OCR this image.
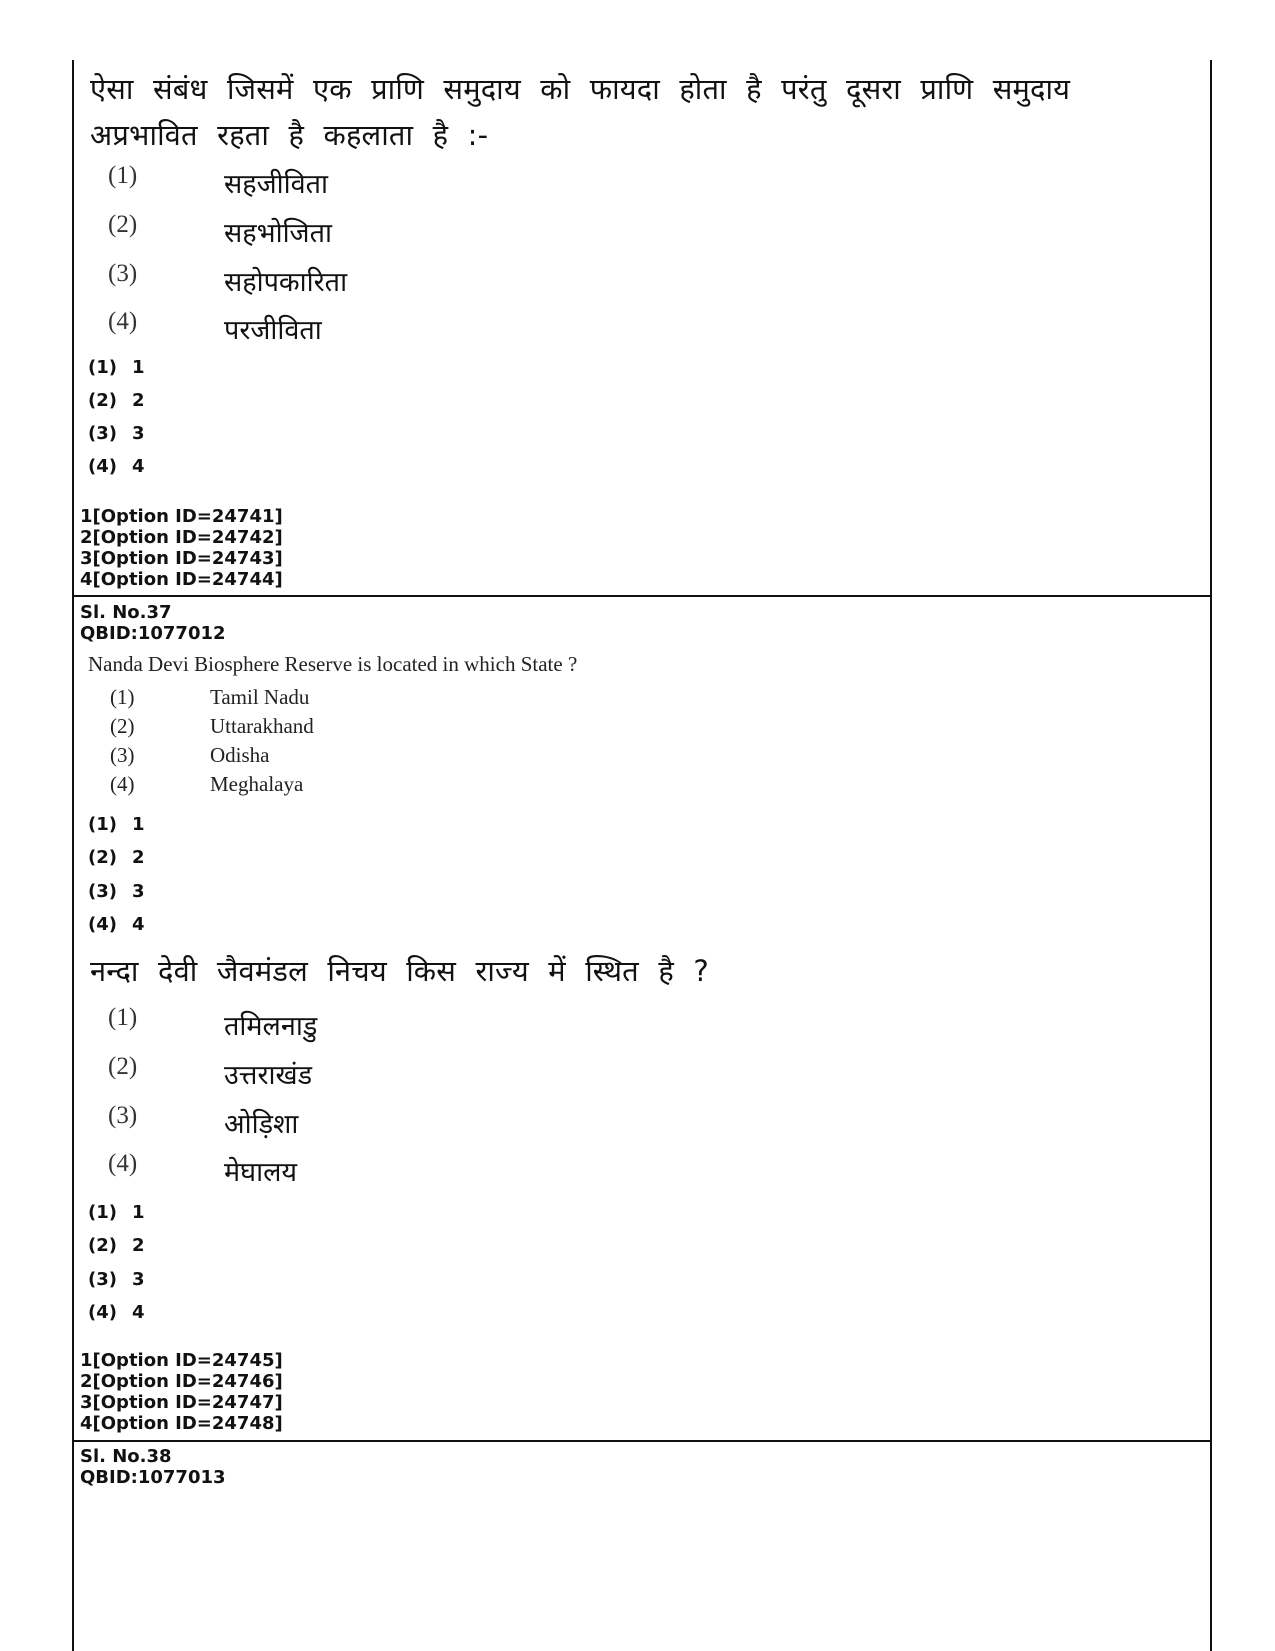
ऐसा संबंध जिसमें एक प्राणि समुदाय को फायदा होता है परंतु दूसरा प्राणि समुदाय अप्रभावित रहता है कहलाता है :-
(1)	सहजीविता
(2)	सहभोजिता
(3)	सहोपकारिता
(4)	परजीविता
(1) 1
(2) 2
(3) 3
(4) 4
1[Option ID=24741]
2[Option ID=24742]
3[Option ID=24743]
4[Option ID=24744]
Sl. No.37
QBID:1077012
Nanda Devi Biosphere Reserve is located in which State ?
(1)	Tamil Nadu
(2)	Uttarakhand
(3)	Odisha
(4)	Meghalaya
(1) 1
(2) 2
(3) 3
(4) 4
नन्दा देवी जैवमंडल निचय किस राज्य में स्थित है ?
(1)	तमिलनाडु
(2)	उत्तराखंड
(3)	ओड़िशा
(4)	मेघालय
(1) 1
(2) 2
(3) 3
(4) 4
1[Option ID=24745]
2[Option ID=24746]
3[Option ID=24747]
4[Option ID=24748]
Sl. No.38
QBID:1077013
